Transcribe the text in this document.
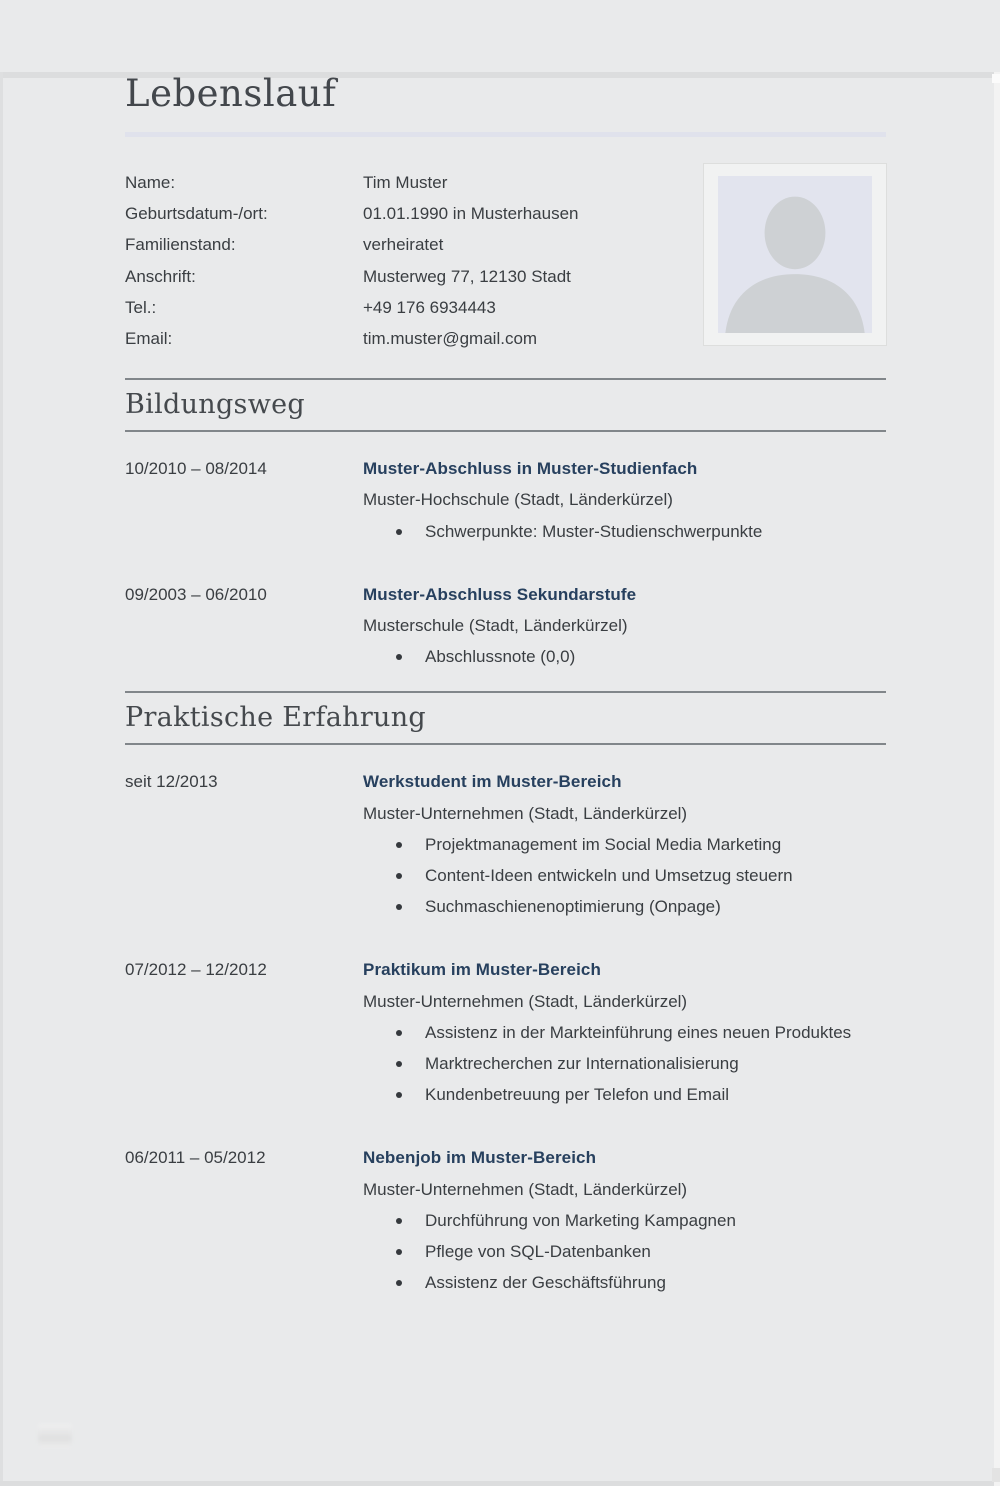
Lebenslauf
Name:	Tim Muster
Geburtsdatum-/ort:	01.01.1990 in Musterhausen
Familienstand:	verheiratet
Anschrift:	Musterweg 77, 12130 Stadt
Tel.:	+49 176 6934443
Email:	tim.muster@gmail.com
Bildungsweg
10/2010 – 08/2014	Muster-Abschluss in Muster-Studienfach
Muster-Hochschule (Stadt, Länderkürzel)
Schwerpunkte: Muster-Studienschwerpunkte
09/2003 – 06/2010	Muster-Abschluss Sekundarstufe
Musterschule (Stadt, Länderkürzel)
Abschlussnote (0,0)
Praktische Erfahrung
seit 12/2013	Werkstudent im Muster-Bereich
Muster-Unternehmen (Stadt, Länderkürzel)
Projektmanagement im Social Media Marketing
Content-Ideen entwickeln und Umsetzug steuern
Suchmaschienenoptimierung (Onpage)
07/2012 – 12/2012	Praktikum im Muster-Bereich
Muster-Unternehmen (Stadt, Länderkürzel)
Assistenz in der Markteinführung eines neuen Produktes
Marktrecherchen zur Internationalisierung
Kundenbetreuung per Telefon und Email
06/2011 – 05/2012	Nebenjob im Muster-Bereich
Muster-Unternehmen (Stadt, Länderkürzel)
Durchführung von Marketing Kampagnen
Pflege von SQL-Datenbanken
Assistenz der Geschäftsführung
